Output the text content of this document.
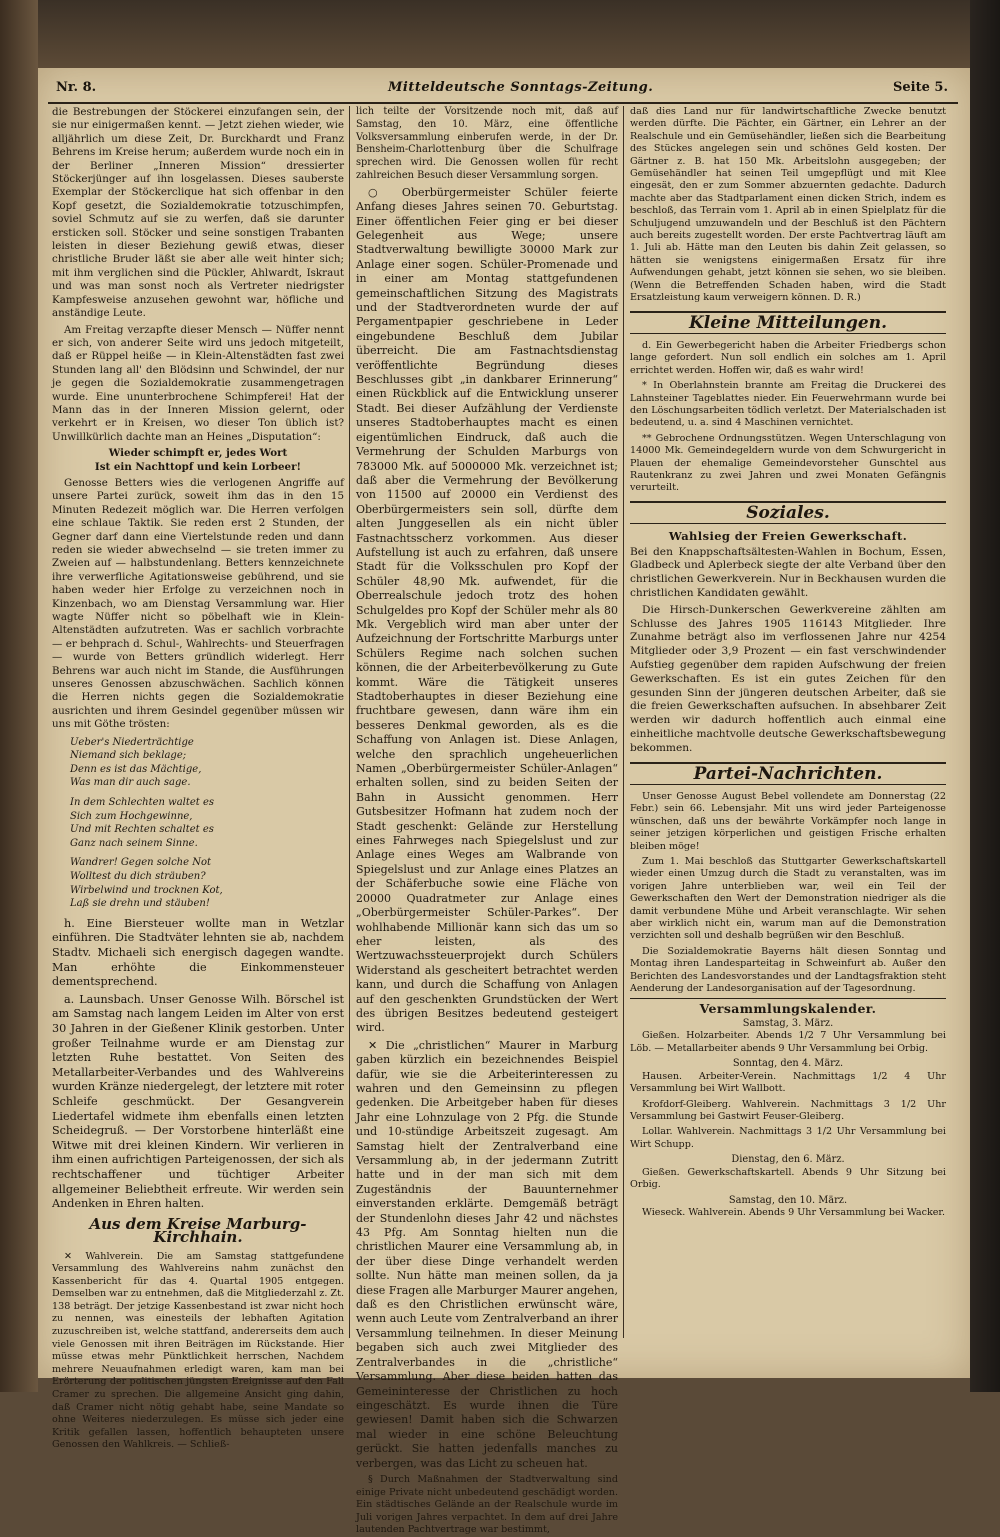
Nr. 8.	Mitteldeutsche Sonntags-Zeitung.	Seite 5.

die Bestrebungen der Stöckerei einzufangen sein, der sie nur einigermaßen kennt. — Jetzt ziehen wieder, wie alljährlich um diese Zeit, Dr. Burckhardt und Franz Behrens im Kreise herum; außerdem wurde noch ein in der Berliner „Inneren Mission“ dressierter Stöckerjünger auf ihn losgelassen. Dieses sauberste Exemplar der Stöckerclique hat sich offenbar in den Kopf gesetzt, die Sozialdemokratie totzuschimpfen, soviel Schmutz auf sie zu werfen, daß sie darunter ersticken soll. Stöcker und seine sonstigen Trabanten leisten in dieser Beziehung gewiß etwas, dieser christliche Bruder läßt sie aber alle weit hinter sich; mit ihm verglichen sind die Pückler, Ahlwardt, Iskraut und was man sonst noch als Vertreter niedrigster Kampfesweise anzusehen gewohnt war, höfliche und anständige Leute.

Am Freitag verzapfte dieser Mensch — Nüffer nennt er sich, von anderer Seite wird uns jedoch mitgeteilt, daß er Rüppel heiße — in Klein-Altenstädten fast zwei Stunden lang all' den Blödsinn und Schwindel, der nur je gegen die Sozialdemokratie zusammengetragen wurde. Eine ununterbrochene Schimpferei! Hat der Mann das in der Inneren Mission gelernt, oder verkehrt er in Kreisen, wo dieser Ton üblich ist? Unwillkürlich dachte man an Heines „Disputation“:

Wieder schimpft er, jedes Wort
Ist ein Nachttopf und kein Lorbeer!

Genosse Betters wies die verlogenen Angriffe auf unsere Partei zurück, soweit ihm das in den 15 Minuten Redezeit möglich war. Die Herren verfolgen eine schlaue Taktik. Sie reden erst 2 Stunden, der Gegner darf dann eine Viertelstunde reden und dann reden sie wieder abwechselnd — sie treten immer zu Zweien auf — halbstundenlang. Betters kennzeichnete ihre verwerfliche Agitationsweise gebührend, und sie haben weder hier Erfolge zu verzeichnen noch in Kinzenbach, wo am Dienstag Versammlung war. Hier wagte Nüffer nicht so pöbelhaft wie in Klein-Altenstädten aufzutreten. Was er sachlich vorbrachte — er behprach d. Schul-, Wahlrechts- und Steuerfragen — wurde von Betters gründlich widerlegt. Herr Behrens war auch nicht im Stande, die Ausführungen unseres Genossen abzuschwächen. Sachlich können die Herren nichts gegen die Sozialdemokratie ausrichten und ihrem Gesindel gegenüber müssen wir uns mit Göthe trösten:

Ueber's Niederträchtige
Niemand sich beklage;
Denn es ist das Mächtige,
Was man dir auch sage.
In dem Schlechten waltet es
Sich zum Hochgewinne,
Und mit Rechten schaltet es
Ganz nach seinem Sinne.
Wandrer! Gegen solche Not
Wolltest du dich sträuben?
Wirbelwind und trocknen Kot,
Laß sie drehn und stäuben!

h. Eine Biersteuer wollte man in Wetzlar einführen. Die Stadtväter lehnten sie ab, nachdem Stadtv. Michaeli sich energisch dagegen wandte. Man erhöhte die Einkommensteuer dementsprechend.

a. Launsbach. Unser Genosse Wilh. Börschel ist am Samstag nach langem Leiden im Alter von erst 30 Jahren in der Gießener Klinik gestorben. Unter großer Teilnahme wurde er am Dienstag zur letzten Ruhe bestattet. Von Seiten des Metallarbeiter-Verbandes und des Wahlvereins wurden Kränze niedergelegt, der letztere mit roter Schleife geschmückt. Der Gesangverein Liedertafel widmete ihm ebenfalls einen letzten Scheidegruß. — Der Vorstorbene hinterläßt eine Witwe mit drei kleinen Kindern. Wir verlieren in ihm einen aufrichtigen Parteigenossen, der sich als rechtschaffener und tüchtiger Arbeiter allgemeiner Beliebtheit erfreute. Wir werden sein Andenken in Ehren halten.

Aus dem Kreise Marburg-Kirchhain.

✕ Wahlverein. Die am Samstag stattgefundene Versammlung des Wahlvereins nahm zunächst den Kassenbericht für das 4. Quartal 1905 entgegen. Demselben war zu entnehmen, daß die Mitgliederzahl z. Zt. 138 beträgt. Der jetzige Kassenbestand ist zwar nicht hoch zu nennen, was einesteils der lebhaften Agitation zuzuschreiben ist, welche stattfand, andererseits dem auch viele Genossen mit ihren Beiträgen im Rückstande. Hier müsse etwas mehr Pünktlichkeit herrschen, Nachdem mehrere Neuaufnahmen erledigt waren, kam man bei Erörterung der politischen jüngsten Ereignisse auf den Fall Cramer zu sprechen. Die allgemeine Ansicht ging dahin, daß Cramer nicht nötig gehabt habe, seine Mandate so ohne Weiteres niederzulegen. Es müsse sich jeder eine Kritik gefallen lassen, hoffentlich behaupteten unsere Genossen den Wahlkreis. — Schließ-

lich teilte der Vorsitzende noch mit, daß auf Samstag, den 10. März, eine öffentliche Volksversammlung einberufen werde, in der Dr. Bensheim-Charlottenburg über die Schulfrage sprechen wird. Die Genossen wollen für recht zahlreichen Besuch dieser Versammlung sorgen.

○ Oberbürgermeister Schüler feierte Anfang dieses Jahres seinen 70. Geburtstag. Einer öffentlichen Feier ging er bei dieser Gelegenheit aus Wege; unsere Stadtverwaltung bewilligte 30000 Mark zur Anlage einer sogen. Schüler-Promenade und in einer am Montag stattgefundenen gemeinschaftlichen Sitzung des Magistrats und der Stadtverordneten wurde der auf Pergamentpapier geschriebene in Leder eingebundene Beschluß dem Jubilar überreicht. Die am Fastnachtsdienstag veröffentlichte Begründung dieses Beschlusses gibt „in dankbarer Erinnerung“ einen Rückblick auf die Entwicklung unserer Stadt. Bei dieser Aufzählung der Verdienste unseres Stadtoberhauptes macht es einen eigentümlichen Eindruck, daß auch die Vermehrung der Schulden Marburgs von 783000 Mk. auf 5000000 Mk. verzeichnet ist; daß aber die Vermehrung der Bevölkerung von 11500 auf 20000 ein Verdienst des Oberbürgermeisters sein soll, dürfte dem alten Junggesellen als ein nicht übler Fastnachtsscherz vorkommen. Aus dieser Aufstellung ist auch zu erfahren, daß unsere Stadt für die Volksschulen pro Kopf der Schüler 48,90 Mk. aufwendet, für die Oberrealschule jedoch trotz des hohen Schulgeldes pro Kopf der Schüler mehr als 80 Mk. Vergeblich wird man aber unter der Aufzeichnung der Fortschritte Marburgs unter Schülers Regime nach solchen suchen können, die der Arbeiterbevölkerung zu Gute kommt. Wäre die Tätigkeit unseres Stadtoberhauptes in dieser Beziehung eine fruchtbare gewesen, dann wäre ihm ein besseres Denkmal geworden, als es die Schaffung von Anlagen ist. Diese Anlagen, welche den sprachlich ungeheuerlichen Namen „Oberbürgermeister Schüler-Anlagen“ erhalten sollen, sind zu beiden Seiten der Bahn in Aussicht genommen. Herr Gutsbesitzer Hofmann hat zudem noch der Stadt geschenkt: Gelände zur Herstellung eines Fahrweges nach Spiegelslust und zur Anlage eines Weges am Walbrande von Spiegelslust und zur Anlage eines Platzes an der Schäferbuche sowie eine Fläche von 20000 Quadratmeter zur Anlage eines „Oberbürgermeister Schüler-Parkes“. Der wohlhabende Millionär kann sich das um so eher leisten, als des Wertzuwachssteuerprojekt durch Schülers Widerstand als gescheitert betrachtet werden kann, und durch die Schaffung von Anlagen auf den geschenkten Grundstücken der Wert des übrigen Besitzes bedeutend gesteigert wird.

✕ Die „christlichen“ Maurer in Marburg gaben kürzlich ein bezeichnendes Beispiel dafür, wie sie die Arbeiterinteressen zu wahren und den Gemeinsinn zu pflegen gedenken. Die Arbeitgeber haben für dieses Jahr eine Lohnzulage von 2 Pfg. die Stunde und 10-stündige Arbeitszeit zugesagt. Am Samstag hielt der Zentralverband eine Versammlung ab, in der jedermann Zutritt hatte und in der man sich mit dem Zugeständnis der Bauunternehmer einverstanden erklärte. Demgemäß beträgt der Stundenlohn dieses Jahr 42 und nächstes 43 Pfg. Am Sonntag hielten nun die christlichen Maurer eine Versammlung ab, in der über diese Dinge verhandelt werden sollte. Nun hätte man meinen sollen, da ja diese Fragen alle Marburger Maurer angehen, daß es den Christlichen erwünscht wäre, wenn auch Leute vom Zentralverband an ihrer Versammlung teilnehmen. In dieser Meinung begaben sich auch zwei Mitglieder des Zentralverbandes in die „christliche“ Versammlung. Aber diese beiden hatten das Gemeininteresse der Christlichen zu hoch eingeschätzt. Es wurde ihnen die Türe gewiesen! Damit haben sich die Schwarzen mal wieder in eine schöne Beleuchtung gerückt. Sie hatten jedenfalls manches zu verbergen, was das Licht zu scheuen hat.

§ Durch Maßnahmen der Stadtverwaltung sind einige Private nicht unbedeutend geschädigt worden. Ein städtisches Gelände an der Realschule wurde im Juli vorigen Jahres verpachtet. In dem auf drei Jahre lautenden Pachtvertrage war bestimmt,

daß dies Land nur für landwirtschaftliche Zwecke benutzt werden dürfte. Die Pächter, ein Gärtner, ein Lehrer an der Realschule und ein Gemüsehändler, ließen sich die Bearbeitung des Stückes angelegen sein und schönes Geld kosten. Der Gärtner z. B. hat 150 Mk. Arbeitslohn ausgegeben; der Gemüsehändler hat seinen Teil umgepflügt und mit Klee eingesät, den er zum Sommer abzuernten gedachte. Dadurch machte aber das Stadtparlament einen dicken Strich, indem es beschloß, das Terrain vom 1. April ab in einen Spielplatz für die Schuljugend umzuwandeln und der Beschluß ist den Pächtern auch bereits zugestellt worden. Der erste Pachtvertrag läuft am 1. Juli ab. Hätte man den Leuten bis dahin Zeit gelassen, so hätten sie wenigstens einigermaßen Ersatz für ihre Aufwendungen gehabt, jetzt können sie sehen, wo sie bleiben. (Wenn die Betreffenden Schaden haben, wird die Stadt Ersatzleistung kaum verweigern können. D. R.)

Kleine Mitteilungen.

d. Ein Gewerbegericht haben die Arbeiter Friedbergs schon lange gefordert. Nun soll endlich ein solches am 1. April errichtet werden. Hoffen wir, daß es wahr wird!

* In Oberlahnstein brannte am Freitag die Druckerei des Lahnsteiner Tageblattes nieder. Ein Feuerwehrmann wurde bei den Löschungsarbeiten tödlich verletzt. Der Materialschaden ist bedeutend, u. a. sind 4 Maschinen vernichtet.

** Gebrochene Ordnungsstützen. Wegen Unterschlagung von 14000 Mk. Gemeindegeldern wurde von dem Schwurgericht in Plauen der ehemalige Gemeindevorsteher Gunschtel aus Rautenkranz zu zwei Jahren und zwei Monaten Gefängnis verurteilt.

Soziales.
Wahlsieg der Freien Gewerkschaft.

Bei den Knappschaftsältesten-Wahlen in Bochum, Essen, Gladbeck und Aplerbeck siegte der alte Verband über den christlichen Gewerkverein. Nur in Beckhausen wurden die christlichen Kandidaten gewählt.

Die Hirsch-Dunkerschen Gewerkvereine zählten am Schlusse des Jahres 1905 116143 Mitglieder. Ihre Zunahme beträgt also im verflossenen Jahre nur 4254 Mitglieder oder 3,9 Prozent — ein fast verschwindender Aufstieg gegenüber dem rapiden Aufschwung der freien Gewerkschaften. Es ist ein gutes Zeichen für den gesunden Sinn der jüngeren deutschen Arbeiter, daß sie die freien Gewerkschaften aufsuchen. In absehbarer Zeit werden wir dadurch hoffentlich auch einmal eine einheitliche machtvolle deutsche Gewerkschaftsbewegung bekommen.

Partei-Nachrichten.

Unser Genosse August Bebel vollendete am Donnerstag (22 Febr.) sein 66. Lebensjahr. Mit uns wird jeder Parteigenosse wünschen, daß uns der bewährte Vorkämpfer noch lange in seiner jetzigen körperlichen und geistigen Frische erhalten bleiben möge!

Zum 1. Mai beschloß das Stuttgarter Gewerkschaftskartell wieder einen Umzug durch die Stadt zu veranstalten, was im vorigen Jahre unterblieben war, weil ein Teil der Gewerkschaften den Wert der Demonstration niedriger als die damit verbundene Mühe und Arbeit veranschlagte. Wir sehen aber wirklich nicht ein, warum man auf die Demonstration verzichten soll und deshalb begrüßen wir den Beschluß.

Die Sozialdemokratie Bayerns hält diesen Sonntag und Montag ihren Landesparteitag in Schweinfurt ab. Außer den Berichten des Landesvorstandes und der Landtagsfraktion steht Aenderung der Landesorganisation auf der Tagesordnung.

Versammlungskalender.
Samstag, 3. März.

Gießen. Holzarbeiter. Abends 1/2 7 Uhr Versammlung bei Löb. — Metallarbeiter abends 9 Uhr Versammlung bei Orbig.

Sonntag, den 4. März.

Hausen. Arbeiter-Verein. Nachmittags 1/2 4 Uhr Versammlung bei Wirt Wallbott.

Krofdorf-Gleiberg. Wahlverein. Nachmittags 3 1/2 Uhr Versammlung bei Gastwirt Feuser-Gleiberg.

Lollar. Wahlverein. Nachmittags 3 1/2 Uhr Versammlung bei Wirt Schupp.

Dienstag, den 6. März.

Gießen. Gewerkschaftskartell. Abends 9 Uhr Sitzung bei Orbig.

Samstag, den 10. März.

Wieseck. Wahlverein. Abends 9 Uhr Versammlung bei Wacker.
